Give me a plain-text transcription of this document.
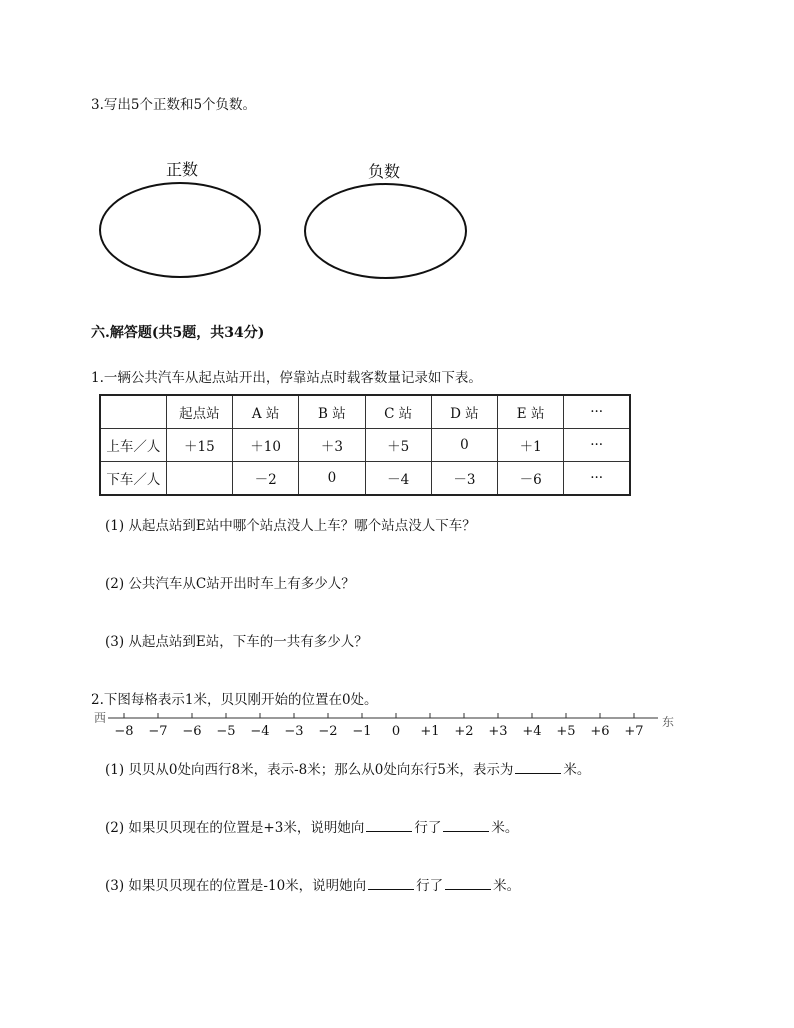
3.写出5个正数和5个负数。
正数	负数
六.解答题(共5题，共34分)
1.一辆公共汽车从起点站开出，停靠站点时载客数量记录如下表。
	起点站	A 站	B 站	C 站	D 站	E 站	···
上车／人	＋15	＋10	＋3	＋5	0	＋1	···
下车／人		－2	0	－4	－3	－6	···
(1) 从起点站到E站中哪个站点没人上车？哪个站点没人下车？
(2) 公共汽车从C站开出时车上有多少人？
(3) 从起点站到E站，下车的一共有多少人？
2.下图每格表示1米，贝贝刚开始的位置在0处。
西	东
−8 −7 −6 −5 −4 −3 −2 −1 0 +1 +2 +3 +4 +5 +6 +7
(1) 贝贝从0处向西行8米，表示-8米；那么从0处向东行5米，表示为	米。
(2) 如果贝贝现在的位置是+3米，说明她向	行了	米。
(3) 如果贝贝现在的位置是-10米，说明她向	行了	米。
